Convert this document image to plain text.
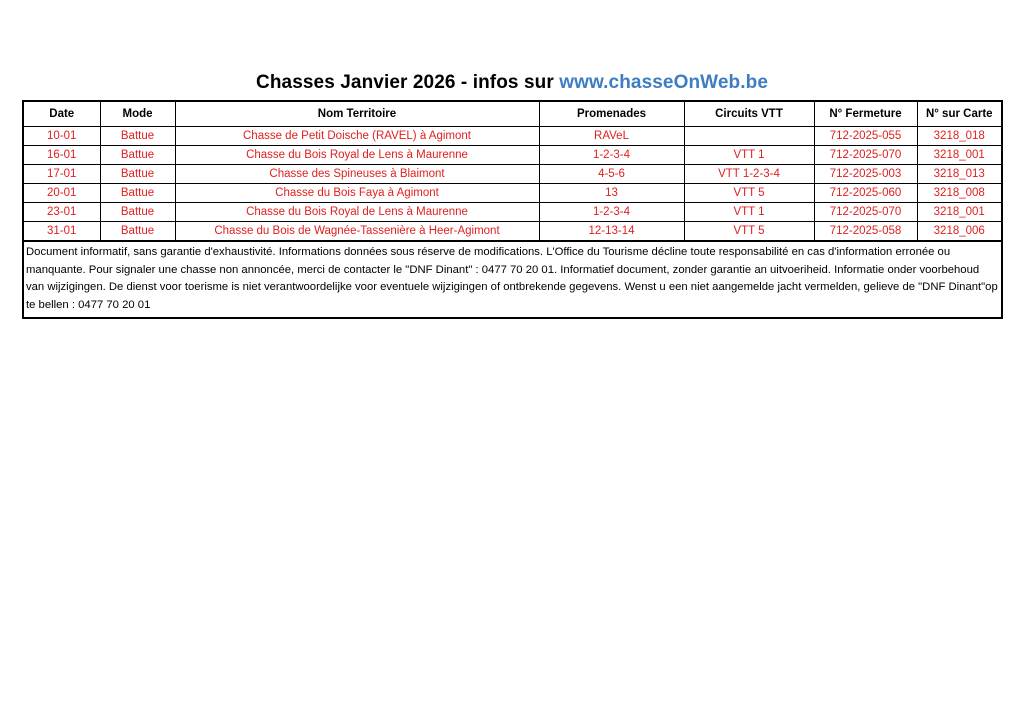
Chasses Janvier 2026 - infos sur www.chasseOnWeb.be
Date	Mode	Nom Territoire	Promenades	Circuits VTT	N° Fermeture	N° sur Carte
10-01	Battue	Chasse de Petit Doische (RAVEL) à Agimont	RAVeL		712-2025-055	3218_018
16-01	Battue	Chasse du Bois Royal de Lens à Maurenne	1-2-3-4	VTT 1	712-2025-070	3218_001
17-01	Battue	Chasse des Spineuses à Blaimont	4-5-6	VTT 1-2-3-4	712-2025-003	3218_013
20-01	Battue	Chasse du Bois Faya à Agimont	13	VTT 5	712-2025-060	3218_008
23-01	Battue	Chasse du Bois Royal de Lens à Maurenne	1-2-3-4	VTT 1	712-2025-070	3218_001
31-01	Battue	Chasse du Bois de Wagnée-Tassenière à Heer-Agimont	12-13-14	VTT 5	712-2025-058	3218_006
Document informatif, sans garantie d'exhaustivité. Informations données sous réserve de modifications. L'Office du Tourisme décline toute responsabilité en cas d'information erronée ou manquante. Pour signaler une chasse non annoncée, merci de contacter le "DNF Dinant" : 0477 70 20 01. Informatief document, zonder garantie an uitvoeriheid. Informatie onder voorbehoud van wijzigingen. De dienst voor toerisme is niet verantwoordelijke voor eventuele wijzigingen of ontbrekende gegevens. Wenst u een niet aangemelde jacht vermelden, gelieve de "DNF Dinant"op te bellen : 0477 70 20 01						
